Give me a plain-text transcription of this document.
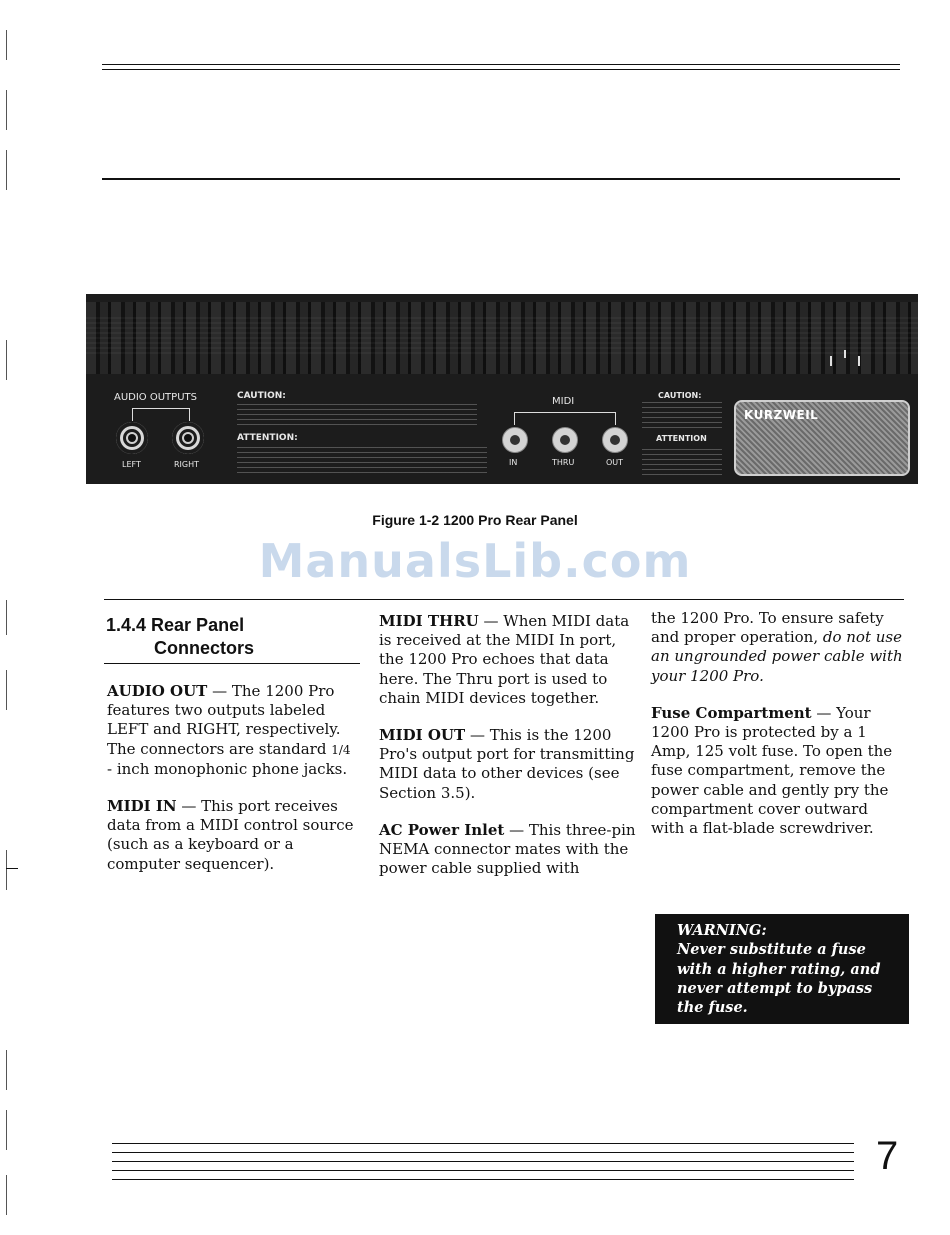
AUDIO OUTPUTS
LEFT	RIGHT
CAUTION:
ATTENTION:
MIDI
IN	THRU	OUT
CAUTION:
ATTENTION
KURZWEIL
Figure 1-2 1200 Pro Rear Panel
ManualsLib.com
1.4.4 Rear Panel
Connectors

AUDIO OUT — The 1200 Pro features two outputs labeled LEFT and RIGHT, respectively. The connectors are standard 1/4 - inch monophonic phone jacks.

MIDI IN — This port receives data from a MIDI control source (such as a keyboard or a computer sequencer).

MIDI THRU — When MIDI data is received at the MIDI In port, the 1200 Pro echoes that data here. The Thru port is used to chain MIDI devices together.

MIDI OUT — This is the 1200 Pro's output port for transmitting MIDI data to other devices (see Section 3.5).

AC Power Inlet — This three-pin NEMA connector mates with the power cable supplied with

the 1200 Pro. To ensure safety and proper operation, do not use an ungrounded power cable with your 1200 Pro.

Fuse Compartment — Your 1200 Pro is protected by a 1 Amp, 125 volt fuse. To open the fuse compartment, remove the power cable and gently pry the compartment cover outward with a flat-blade screwdriver.

WARNING:
Never substitute a fuse with a higher rating, and never attempt to bypass the fuse.
7
